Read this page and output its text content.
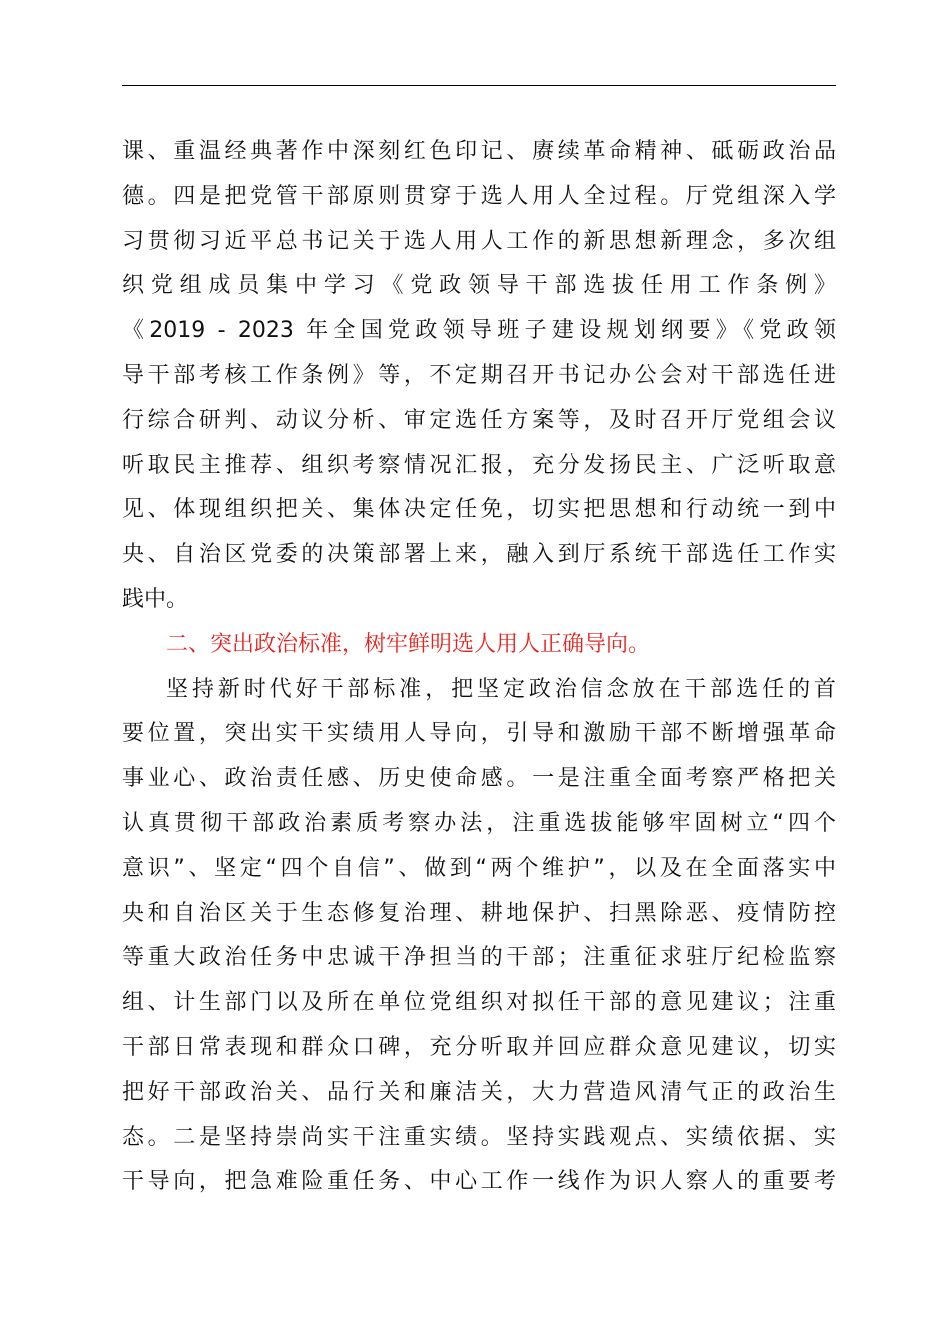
课、重温经典著作中深刻红色印记、赓续革命精神、砥砺政治品
德。四是把党管干部原则贯穿于选人用人全过程。厅党组深入学
习贯彻习近平总书记关于选人用人工作的新思想新理念，多次组
织党组成员集中学习《党政领导干部选拔任用工作条例》
《2019 - 2023 年全国党政领导班子建设规划纲要》《党政领
导干部考核工作条例》等，不定期召开书记办公会对干部选任进
行综合研判、动议分析、审定选任方案等，及时召开厅党组会议
听取民主推荐、组织考察情况汇报，充分发扬民主、广泛听取意
见、体现组织把关、集体决定任免，切实把思想和行动统一到中
央、自治区党委的决策部署上来，融入到厅系统干部选任工作实
践中。
二、突出政治标准，树牢鲜明选人用人正确导向。
坚持新时代好干部标准，把坚定政治信念放在干部选任的首
要位置，突出实干实绩用人导向，引导和激励干部不断增强革命
事业心、政治责任感、历史使命感。一是注重全面考察严格把关
认真贯彻干部政治素质考察办法，注重选拔能够牢固树立“四个
意识”、坚定“四个自信”、做到“两个维护”，以及在全面落实中
央和自治区关于生态修复治理、耕地保护、扫黑除恶、疫情防控
等重大政治任务中忠诚干净担当的干部；注重征求驻厅纪检监察
组、计生部门以及所在单位党组织对拟任干部的意见建议；注重
干部日常表现和群众口碑，充分听取并回应群众意见建议，切实
把好干部政治关、品行关和廉洁关，大力营造风清气正的政治生
态。二是坚持崇尚实干注重实绩。坚持实践观点、实绩依据、实
干导向，把急难险重任务、中心工作一线作为识人察人的重要考
